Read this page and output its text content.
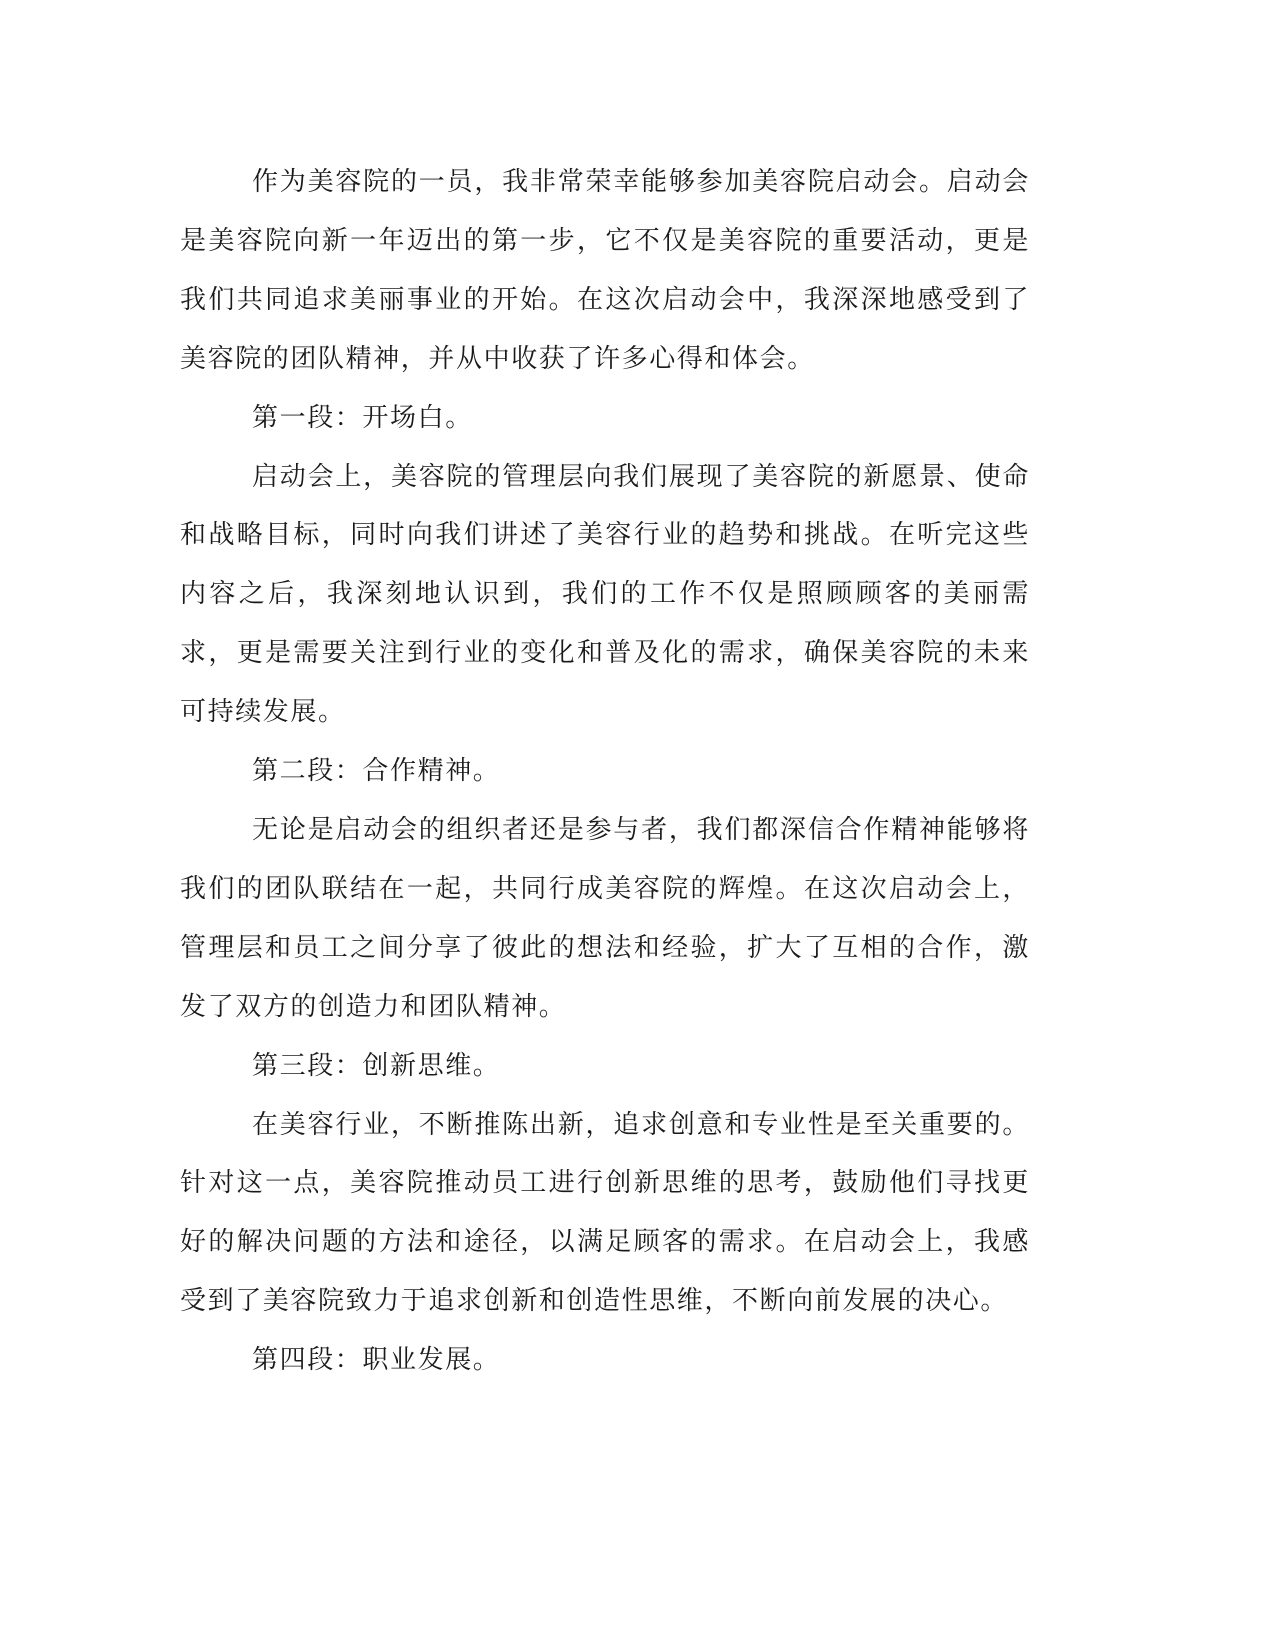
作为美容院的一员，我非常荣幸能够参加美容院启动会。启动会是美容院向新一年迈出的第一步，它不仅是美容院的重要活动，更是我们共同追求美丽事业的开始。在这次启动会中，我深深地感受到了美容院的团队精神，并从中收获了许多心得和体会。

第一段：开场白。

启动会上，美容院的管理层向我们展现了美容院的新愿景、使命和战略目标，同时向我们讲述了美容行业的趋势和挑战。在听完这些内容之后，我深刻地认识到，我们的工作不仅是照顾顾客的美丽需求，更是需要关注到行业的变化和普及化的需求，确保美容院的未来可持续发展。

第二段：合作精神。

无论是启动会的组织者还是参与者，我们都深信合作精神能够将我们的团队联结在一起，共同行成美容院的辉煌。在这次启动会上，管理层和员工之间分享了彼此的想法和经验，扩大了互相的合作，激发了双方的创造力和团队精神。

第三段：创新思维。

在美容行业，不断推陈出新，追求创意和专业性是至关重要的。针对这一点，美容院推动员工进行创新思维的思考，鼓励他们寻找更好的解决问题的方法和途径，以满足顾客的需求。在启动会上，我感受到了美容院致力于追求创新和创造性思维，不断向前发展的决心。

第四段：职业发展。
